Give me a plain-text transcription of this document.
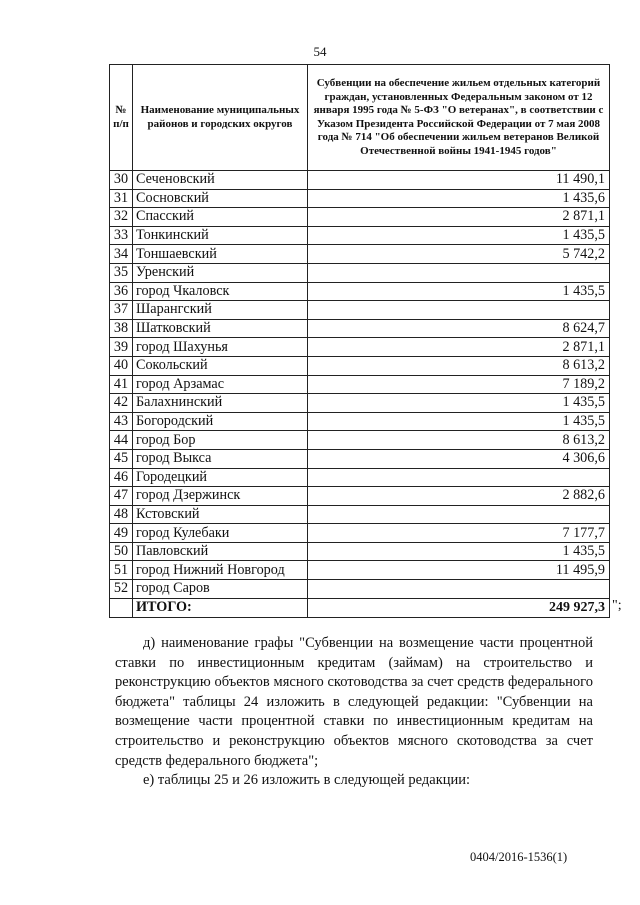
54
№ п/п	Наименование муниципальных районов и городских округов	Субвенции на обеспечение жильем отдельных категорий граждан, установленных Федеральным законом от 12 января 1995 года № 5-ФЗ "О ветеранах", в соответствии с Указом Президента Российской Федерации от 7 мая 2008 года № 714 "Об обеспечении жильем ветеранов Великой Отечественной войны 1941-1945 годов"
30	Сеченовский	11 490,1
31	Сосновский	1 435,6
32	Спасский	2 871,1
33	Тонкинский	1 435,5
34	Тоншаевский	5 742,2
35	Уренский	
36	город Чкаловск	1 435,5
37	Шарангский	
38	Шатковский	8 624,7
39	город Шахунья	2 871,1
40	Сокольский	8 613,2
41	город Арзамас	7 189,2
42	Балахнинский	1 435,5
43	Богородский	1 435,5
44	город Бор	8 613,2
45	город Выкса	4 306,6
46	Городецкий	
47	город Дзержинск	2 882,6
48	Кстовский	
49	город Кулебаки	7 177,7
50	Павловский	1 435,5
51	город Нижний Новгород	11 495,9
52	город Саров	
	ИТОГО:	249 927,3 ";

д) наименование графы "Субвенции на возмещение части процентной ставки по инвестиционным кредитам (займам) на строительство и реконструкцию объектов мясного скотоводства за счет средств федерального бюджета" таблицы 24 изложить в следующей редакции: "Субвенции на возмещение части процентной ставки по инвестиционным кредитам на строительство и реконструкцию объектов мясного скотоводства за счет средств федерального бюджета";

е) таблицы 25 и 26 изложить в следующей редакции:

0404/2016-1536(1)
